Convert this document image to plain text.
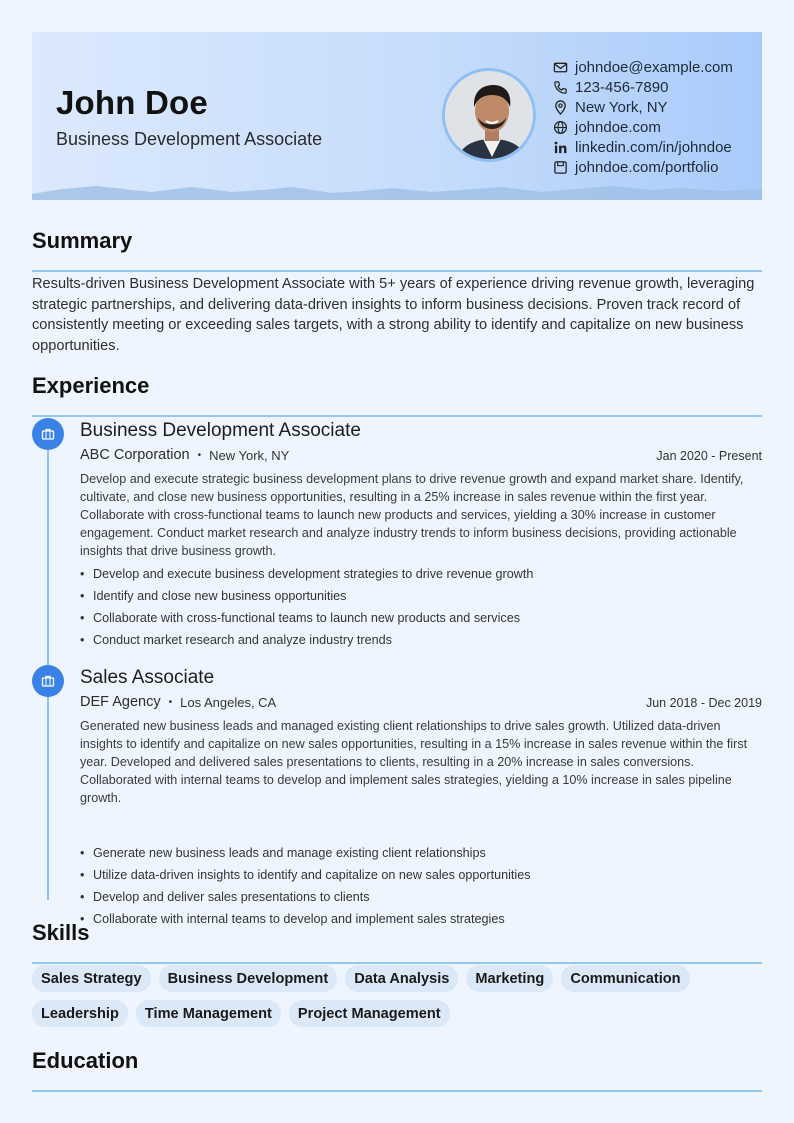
John Doe
Business Development Associate
johndoe@example.com
123-456-7890
New York, NY
johndoe.com
linkedin.com/in/johndoe
johndoe.com/portfolio
Summary
Results-driven Business Development Associate with 5+ years of experience driving revenue growth, leveraging strategic partnerships, and delivering data-driven insights to inform business decisions. Proven track record of consistently meeting or exceeding sales targets, with a strong ability to identify and capitalize on new business opportunities.
Experience
Business Development Associate
ABC Corporation • New York, NY	Jan 2020 - Present
Develop and execute strategic business development plans to drive revenue growth and expand market share. Identify, cultivate, and close new business opportunities, resulting in a 25% increase in sales revenue within the first year. Collaborate with cross-functional teams to launch new products and services, yielding a 30% increase in customer engagement. Conduct market research and analyze industry trends to inform business decisions, providing actionable insights that drive business growth.
• Develop and execute business development strategies to drive revenue growth
• Identify and close new business opportunities
• Collaborate with cross-functional teams to launch new products and services
• Conduct market research and analyze industry trends
Sales Associate
DEF Agency • Los Angeles, CA	Jun 2018 - Dec 2019
Generated new business leads and managed existing client relationships to drive sales growth. Utilized data-driven insights to identify and capitalize on new sales opportunities, resulting in a 15% increase in sales revenue within the first year. Developed and delivered sales presentations to clients, resulting in a 20% increase in sales conversions. Collaborated with internal teams to develop and implement sales strategies, yielding a 10% increase in sales pipeline growth.
• Generate new business leads and manage existing client relationships
• Utilize data-driven insights to identify and capitalize on new sales opportunities
• Develop and deliver sales presentations to clients
• Collaborate with internal teams to develop and implement sales strategies
Skills
Sales Strategy	Business Development	Data Analysis	Marketing	Communication
Leadership	Time Management	Project Management
Education
